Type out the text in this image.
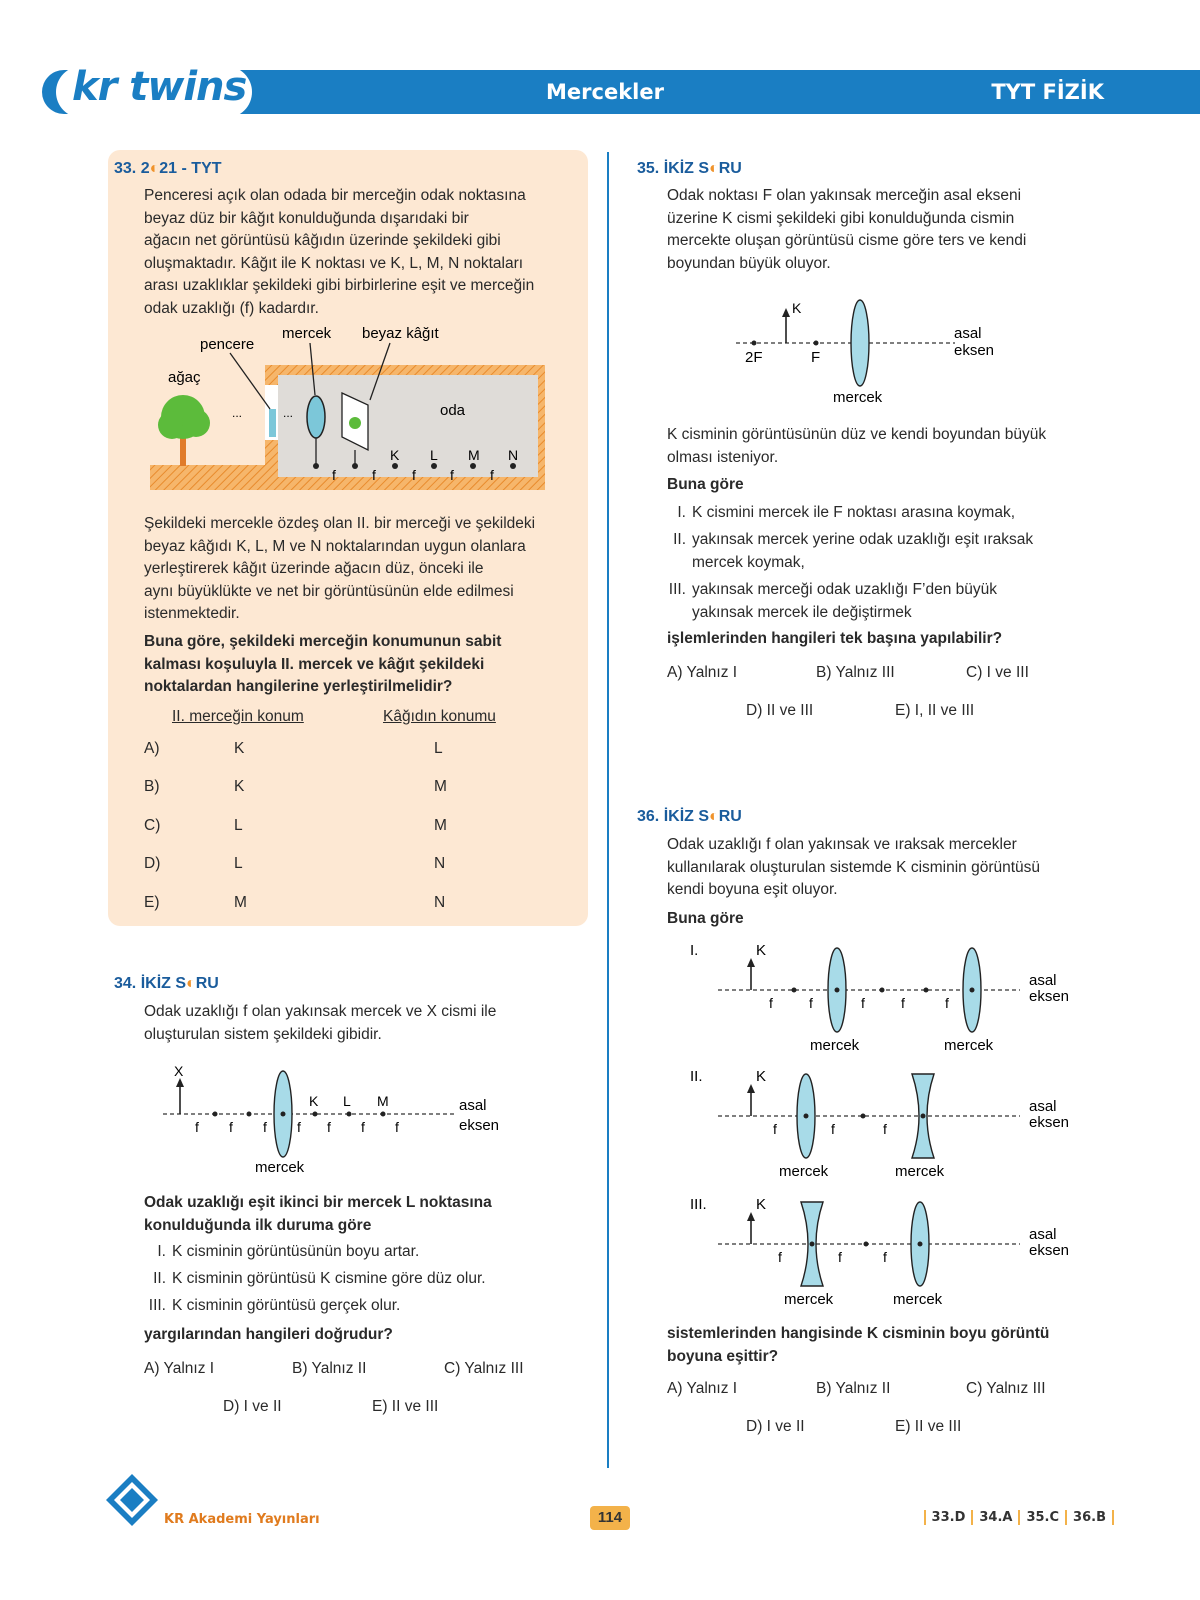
kr twins	Mercekler	TYT FİZİK
33. 2◐21 - TYT
Penceresi açık olan odada bir merceğin odak noktasına
beyaz düz bir kâğıt konulduğunda dışarıdaki bir
ağacın net görüntüsü kâğıdın üzerinde şekildeki gibi
oluşmaktadır. Kâğıt ile K noktası ve K, L, M, N noktaları
arası uzaklıklar şekildeki gibi birbirlerine eşit ve merceğin
odak uzaklığı (f) kadardır.
ağaç
...	...
pencere
mercek beyaz kâğıt
oda
K L M N
f	f	f f	f
Şekildeki mercekle özdeş olan II. bir merceği ve şekildeki
beyaz kâğıdı K, L, M ve N noktalarından uygun olanlara
yerleştirerek kâğıt üzerinde ağacın düz, önceki ile
aynı büyüklükte ve net bir görüntüsünün elde edilmesi
istenmektedir.
Buna göre, şekildeki merceğin konumunun sabit
kalması koşuluyla II. mercek ve kâğıt şekildeki
noktalardan hangilerine yerleştirilmelidir?
II. merceğin konum	Kâğıdın konumu
A)	K	L
B)	K	M
C)	L	M
D)	L	N
E)	M	N
34. İKİZ S◐RU
Odak uzaklığı f olan yakınsak mercek ve X cismi ile
oluşturulan sistem şekildeki gibidir.
X
f f f f f f f
K L M	asal
eksen
mercek
Odak uzaklığı eşit ikinci bir mercek L noktasına
konulduğunda ilk duruma göre
I. K cisminin görüntüsünün boyu artar.
II. K cisminin görüntüsü K cismine göre düz olur.
III. K cisminin görüntüsü gerçek olur.
yargılarından hangileri doğrudur?
A) Yalnız I	B) Yalnız II	C) Yalnız III
D) I ve II	E) II ve III
35. İKİZ S◐RU
Odak noktası F olan yakınsak merceğin asal ekseni
üzerine K cismi şekildeki gibi konulduğunda cismin
mercekte oluşan görüntüsü cisme göre ters ve kendi
boyundan büyük oluyor.
K
2F	F
asal
eksen
mercek
K cisminin görüntüsünün düz ve kendi boyundan büyük
olması isteniyor.
Buna göre
I. K cismini mercek ile F noktası arasına koymak,
II. yakınsak mercek yerine odak uzaklığı eşit ıraksak
mercek koymak,
III. yakınsak merceği odak uzaklığı F’den büyük
yakınsak mercek ile değiştirmek
işlemlerinden hangileri tek başına yapılabilir?
A) Yalnız I	B) Yalnız III	C) I ve III
D) II ve III	E) I, II ve III
36. İKİZ S◐RU
Odak uzaklığı f olan yakınsak ve ıraksak mercekler
kullanılarak oluşturulan sistemde K cisminin görüntüsü
kendi boyuna eşit oluyor.
Buna göre
I.	K
f	f	f	f	f
asal
eksen
mercek	mercek
II.	K
f	f	f
asal
eksen
mercek	mercek
III.	K
f	f	f
asal
eksen
mercek	mercek
sistemlerinden hangisinde K cisminin boyu görüntü
boyuna eşittir?
A) Yalnız I	B) Yalnız II	C) Yalnız III
D) I ve II	E) II ve III
KR Akademi Yayınları	114	33.D 34.A 35.C 36.B
